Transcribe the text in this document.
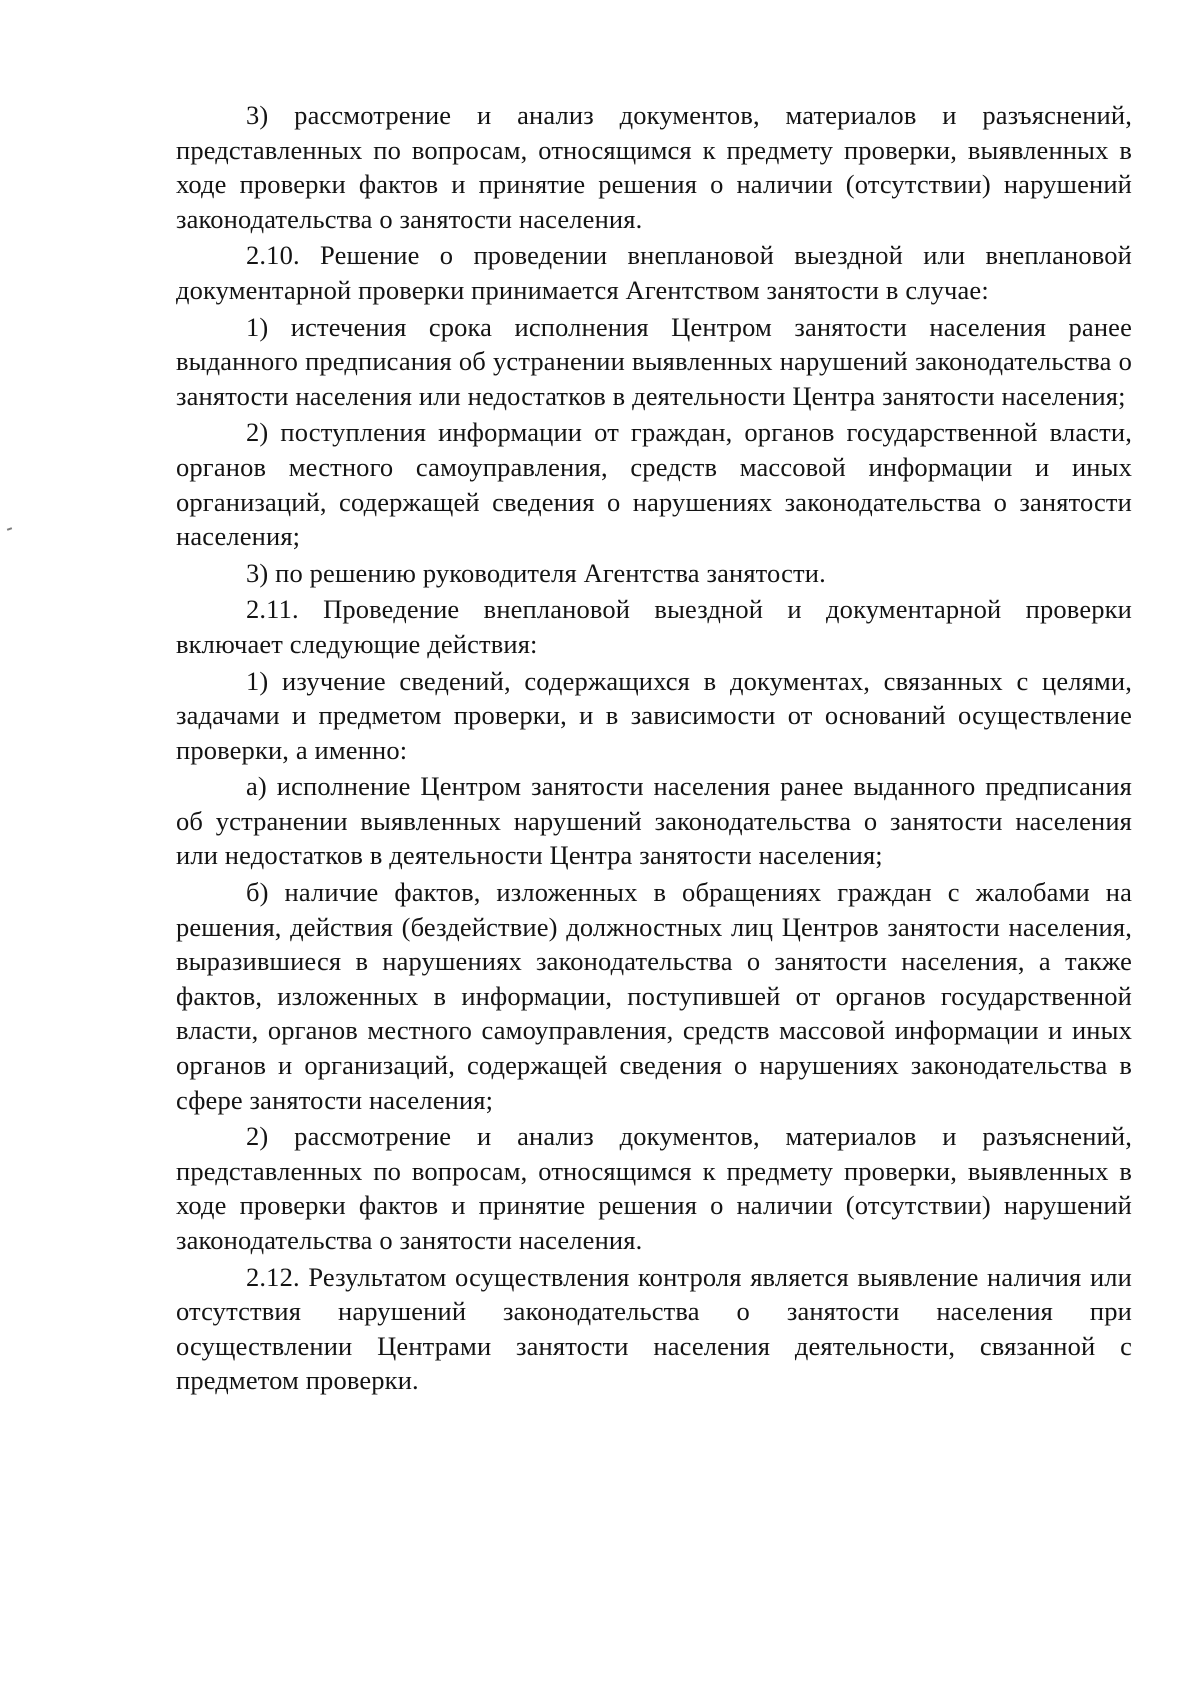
3) рассмотрение и анализ документов, материалов и разъяснений, представленных по вопросам, относящимся к предмету проверки, выявленных в ходе проверки фактов и принятие решения о наличии (отсутствии) нарушений законодательства о занятости населения.

2.10. Решение о проведении внеплановой выездной или внеплановой документарной проверки принимается Агентством занятости в случае:

1) истечения срока исполнения Центром занятости населения ранее выданного предписания об устранении выявленных нарушений законодательства о занятости населения или недостатков в деятельности Центра занятости населения;

2) поступления информации от граждан, органов государственной власти, органов местного самоуправления, средств массовой информации и иных организаций, содержащей сведения о нарушениях законодательства о занятости населения;

3) по решению руководителя Агентства занятости.

2.11. Проведение внеплановой выездной и документарной проверки включает следующие действия:

1) изучение сведений, содержащихся в документах, связанных с целями, задачами и предметом проверки, и в зависимости от оснований осуществление проверки, а именно:

а) исполнение Центром занятости населения ранее выданного предписания об устранении выявленных нарушений законодательства о занятости населения или недостатков в деятельности Центра занятости населения;

б) наличие фактов, изложенных в обращениях граждан с жалобами на решения, действия (бездействие) должностных лиц Центров занятости населения, выразившиеся в нарушениях законодательства о занятости населения, а также фактов, изложенных в информации, поступившей от органов государственной власти, органов местного самоуправления, средств массовой информации и иных органов и организаций, содержащей сведения о нарушениях законодательства в сфере занятости населения;

2) рассмотрение и анализ документов, материалов и разъяснений, представленных по вопросам, относящимся к предмету проверки, выявленных в ходе проверки фактов и принятие решения о наличии (отсутствии) нарушений законодательства о занятости населения.

2.12. Результатом осуществления контроля является выявление наличия или отсутствия нарушений законодательства о занятости населения при осуществлении Центрами занятости населения деятельности, связанной с предметом проверки.
